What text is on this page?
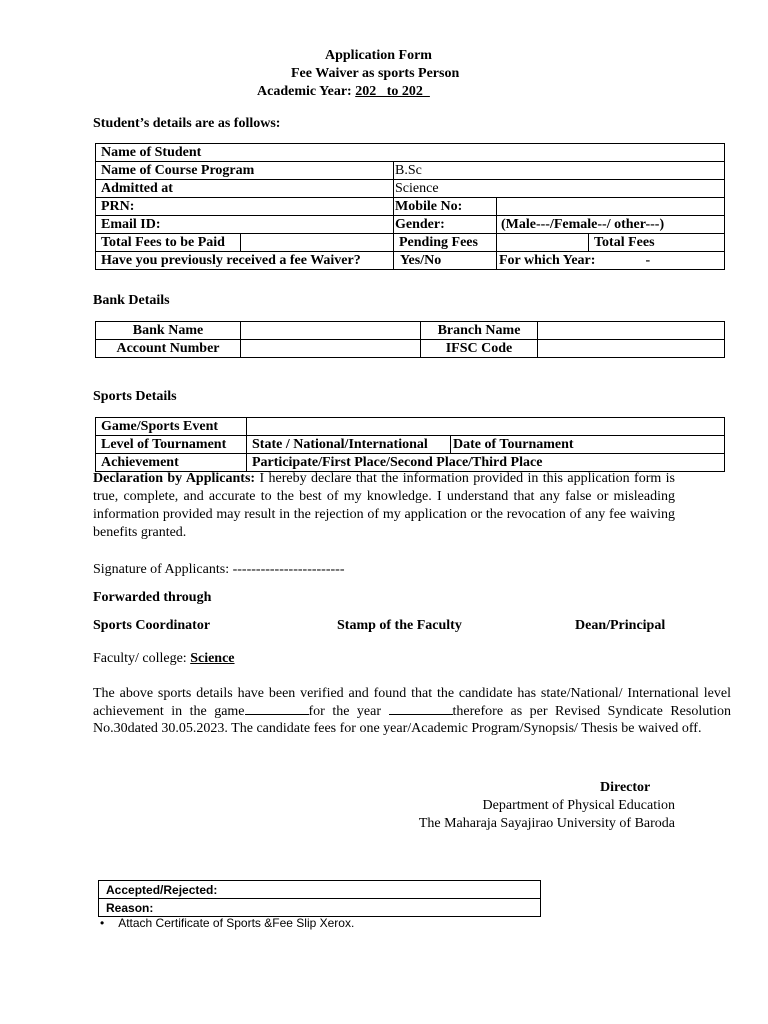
Application Form
Fee Waiver as sports Person
Academic Year: 202   to 202
Student’s details are as follows:
Name of Student				
Name of Course Program		B.Sc		
Admitted at		Science		
PRN:		Mobile No:		
Email ID:		Gender:	(Male---/Female--/ other---)	
Total Fees to be Paid		Pending Fees		Total Fees
Have you previously received a fee Waiver?		Yes/No	For which Year: -	
Bank Details
Bank Name		Branch Name	
Account Number		IFSC Code	
Sports Details
Game/Sports Event		
Level of Tournament	State / National/International	Date of Tournament
Achievement	Participate/First Place/Second Place/Third Place	
Declaration by Applicants: I hereby declare that the information provided in this application form is true, complete, and accurate to the best of my knowledge. I understand that any false or misleading information provided may result in the rejection of my application or the revocation of any fee waiving benefits granted.
Signature of Applicants: ------------------------
Forwarded through
Sports Coordinator	Stamp of the Faculty	Dean/Principal
Faculty/ college: Science
The above sports details have been verified and found that the candidate has state/National/ International level achievement in the game	for the year	therefore as per Revised Syndicate Resolution No.30dated 30.05.2023. The candidate fees for one year/Academic Program/Synopsis/ Thesis be waived off.
Director
Department of Physical Education
The Maharaja Sayajirao University of Baroda
Accepted/Rejected:
Reason:
• Attach Certificate of Sports &Fee Slip Xerox.
